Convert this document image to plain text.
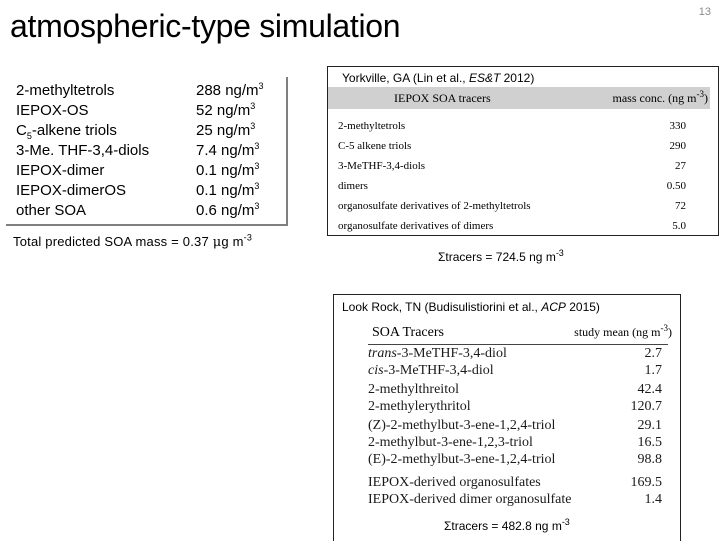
atmospheric-type simulation	13
2-methyltetrols	288 $ng/m^3$
IEPOX-OS	52 $ng/m^3$
$C_5$-alkene triols	25 $ng/m^3$
3-Me. THF-3,4-diols	7.4 $ng/m^3$
IEPOX-dimer	0.1 $ng/m^3$
IEPOX-dimerOS	0.1 $ng/m^3$
other SOA	0.6 $ng/m^3$
Total predicted SOA mass = 0.37 μg $m^{-3}$
Yorkville, GA (Lin et al., ES&T 2012)
IEPOX SOA tracers	mass conc. (ng $m^{-3}$)
2-methyltetrols	330
C-5 alkene triols	290
3-MeTHF-3,4-diols	27
dimers	0.50
organosulfate derivatives of 2-methyltetrols	72
organosulfate derivatives of dimers	5.0
Σtracers = 724.5 ng $m^{-3}$
Look Rock, TN (Budisulistiorini et al., ACP 2015)
SOA Tracers	study mean (ng $m^{-3}$)
trans-3-MeTHF-3,4-diol	2.7
cis-3-MeTHF-3,4-diol	1.7
2-methylthreitol	42.4
2-methylerythritol	120.7
(Z)-2-methylbut-3-ene-1,2,4-triol	29.1
2-methylbut-3-ene-1,2,3-triol	16.5
(E)-2-methylbut-3-ene-1,2,4-triol	98.8
IEPOX-derived organosulfates	169.5
IEPOX-derived dimer organosulfate	1.4
Σtracers = 482.8 ng $m^{-3}$
